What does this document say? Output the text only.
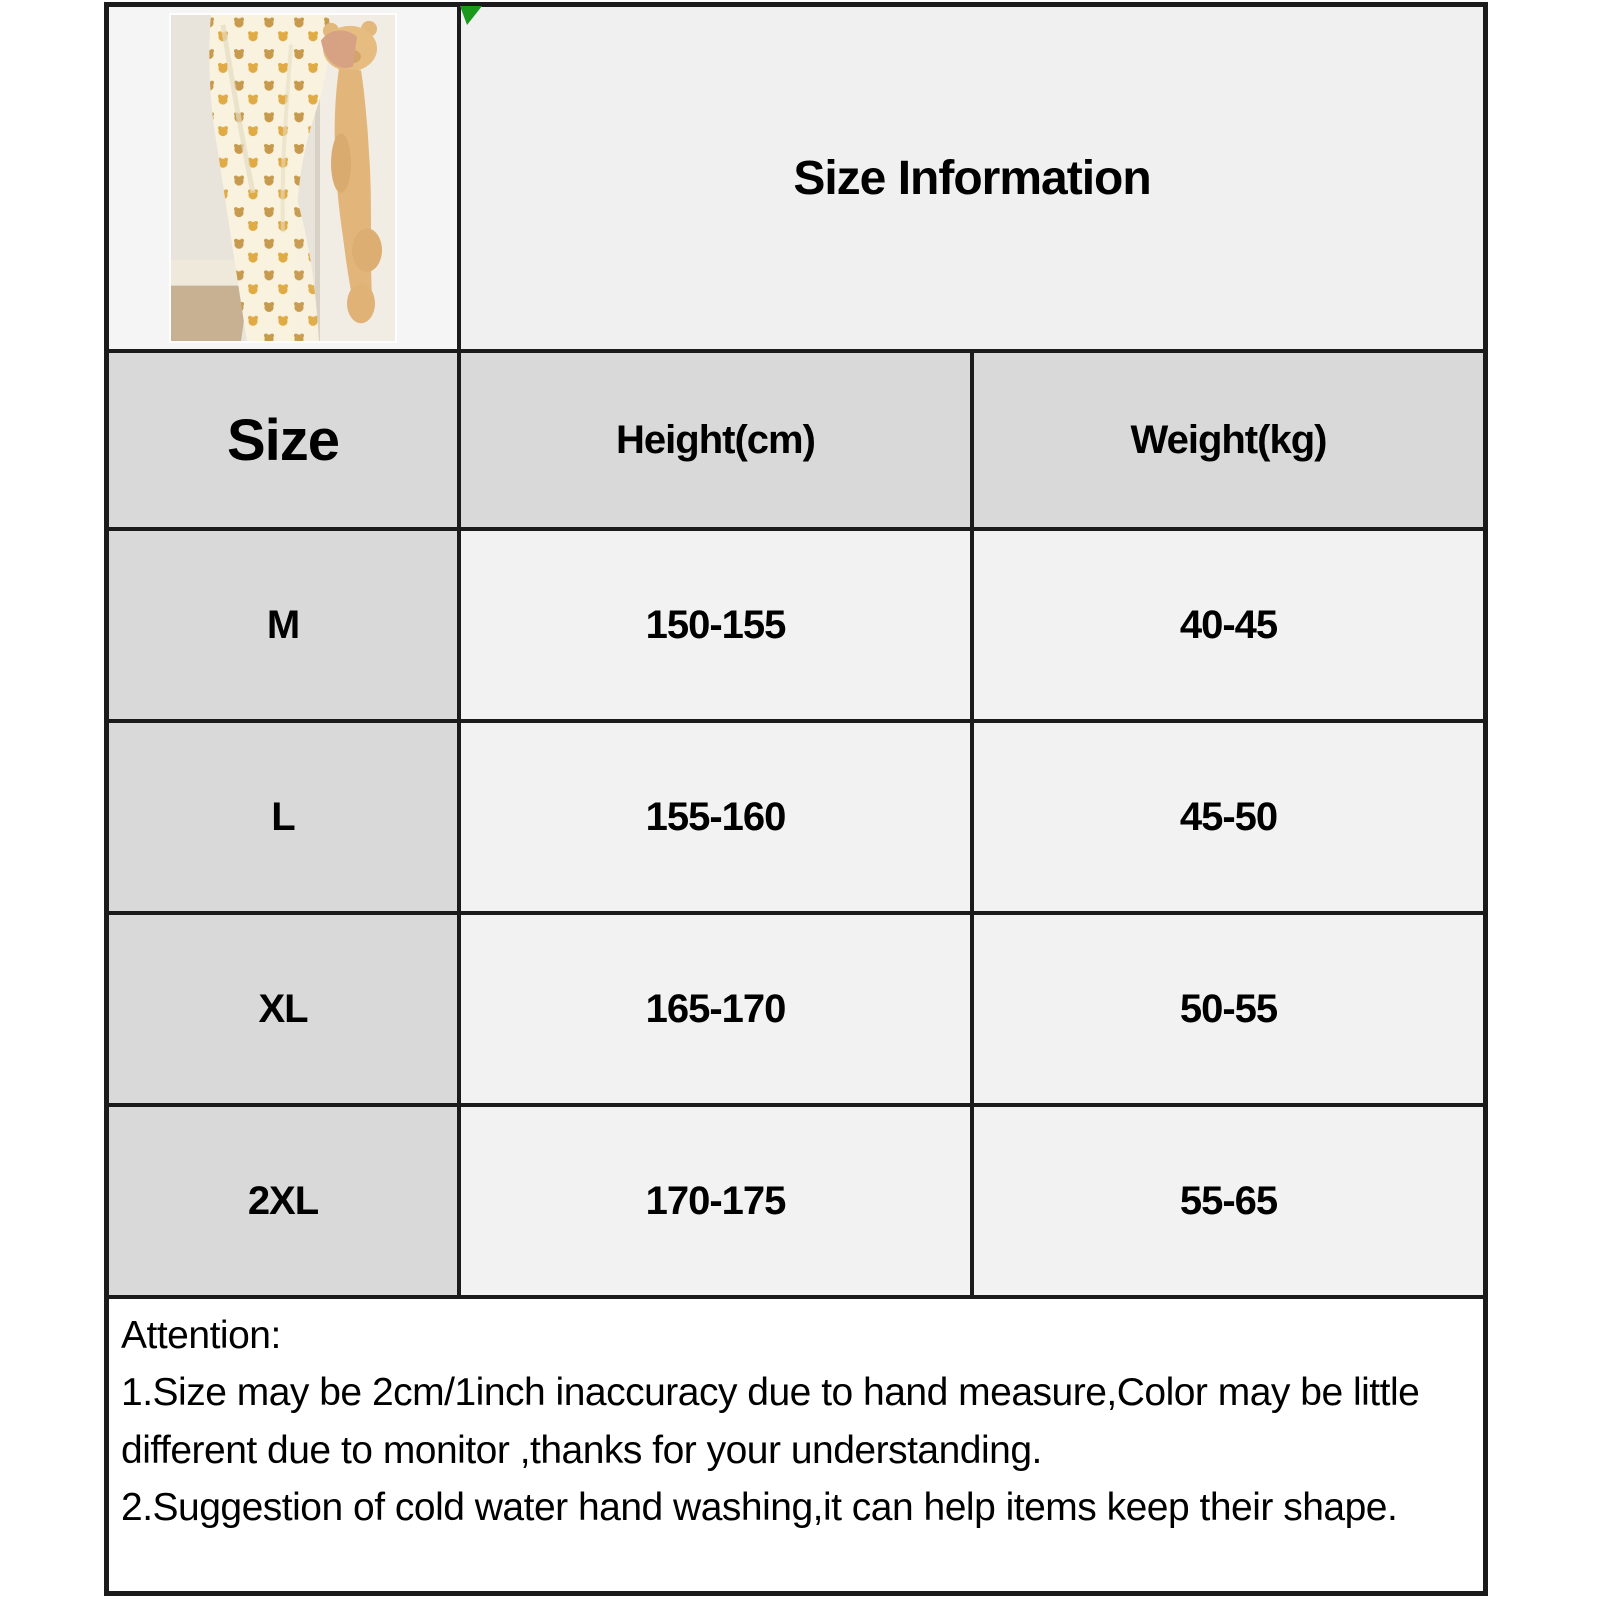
Size Information
Size	Height(cm)	Weight(kg)
M	150-155	40-45
L	155-160	45-50
XL	165-170	50-55
2XL	170-175	55-65
Attention:
1.Size may be 2cm/1inch inaccuracy due to hand measure,Color may be little different due to monitor ,thanks for your understanding.
2.Suggestion of cold water hand washing,it can help items keep their shape.
